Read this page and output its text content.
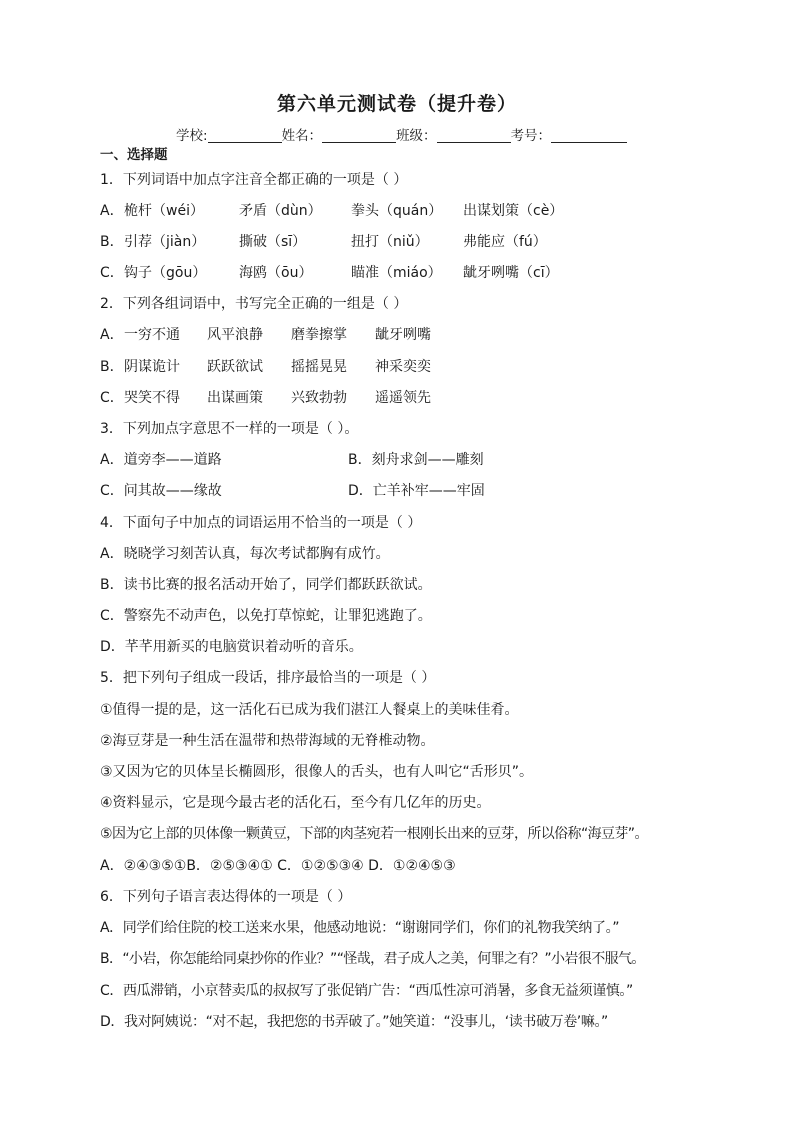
第六单元测试卷（提升卷）
学校:	姓名：	班级：	考号：
一、选择题
1．下列词语中加点字注音全都正确的一项是（ ）
A． 桅杆（wéi）	矛盾（dùn） 拳头（quán） 出谋划策（cè）
B． 引荐（jiàn） 撕破（sī）	扭打（niǔ） 弗能应（fú）
C． 钩子（gōu） 海鸥（ōu）	瞄准（miáo） 龇牙咧嘴（cī）
2．下列各组词语中，书写完全正确的一组是（ ）
A． 一穷不通 风平浪静 磨拳擦掌 龇牙咧嘴
B． 阴谋诡计 跃跃欲试 摇摇晃晃 神采奕奕
C． 哭笑不得 出谋画策 兴致勃勃 遥遥领先
3．下列加点字意思不一样的一项是（ ）。
A．道旁李——道路	B．刻舟求剑——雕刻
C．问其故——缘故	D．亡羊补牢——牢固
4．下面句子中加点的词语运用不恰当的一项是（ ）
A．晓晓学习刻苦认真，每次考试都胸有成竹。
B．读书比赛的报名活动开始了，同学们都跃跃欲试。
C．警察先不动声色，以免打草惊蛇，让罪犯逃跑了。
D．芊芊用新买的电脑赏识着动听的音乐。
5．把下列句子组成一段话，排序最恰当的一项是（ ）
①值得一提的是，这一活化石已成为我们湛江人餐桌上的美味佳肴。
②海豆芽是一种生活在温带和热带海域的无脊椎动物。
③又因为它的贝体呈长椭圆形，很像人的舌头，也有人叫它“舌形贝”。
④资料显示，它是现今最古老的活化石，至今有几亿年的历史。
⑤因为它上部的贝体像一颗黄豆，下部的肉茎宛若一根刚长出来的豆芽，所以俗称“海豆芽”。
A．②④③⑤①B．②⑤③④① C．①②⑤③④ D．①②④⑤③
6．下列句子语言表达得体的一项是（ ）
A．同学们给住院的校工送来水果，他感动地说：“谢谢同学们，你们的礼物我笑纳了。”
B．“小岩，你怎能给同桌抄你的作业？”“怪哉，君子成人之美，何罪之有？”小岩很不服气。
C．西瓜滞销，小京替卖瓜的叔叔写了张促销广告：“西瓜性凉可消暑，多食无益须谨慎。”
D．我对阿姨说：“对不起，我把您的书弄破了。”她笑道：“没事儿，‘读书破万卷’嘛。”
